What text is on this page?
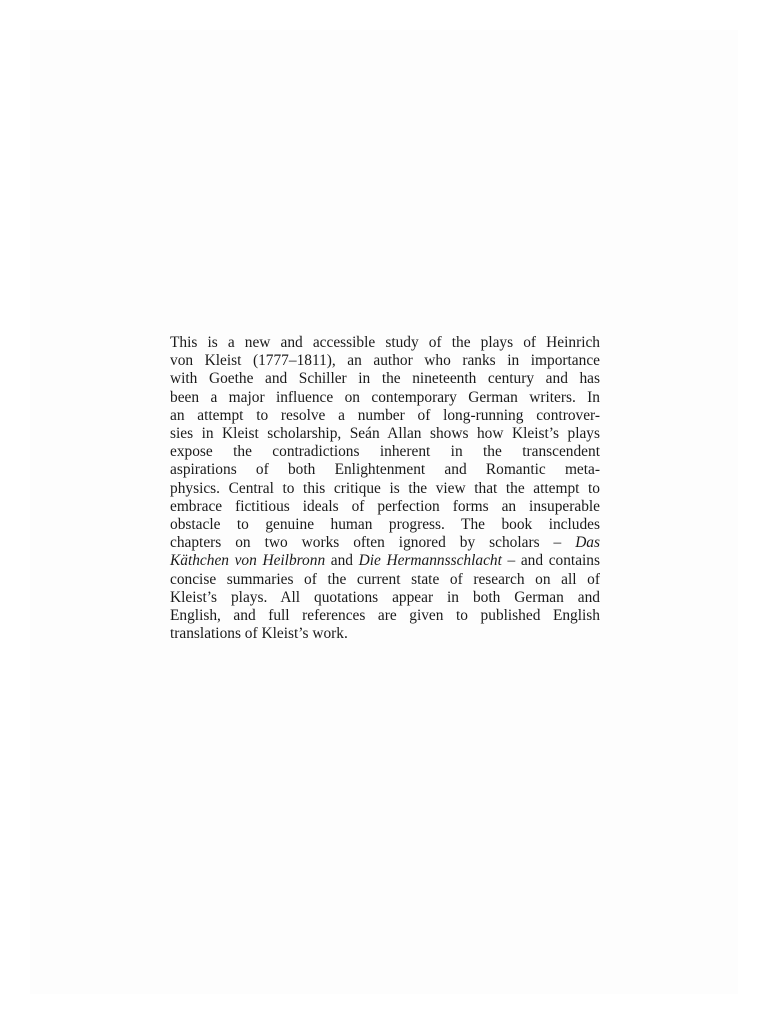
This is a new and accessible study of the plays of Heinrich
von Kleist (1777–1811), an author who ranks in importance
with Goethe and Schiller in the nineteenth century and has
been a major influence on contemporary German writers. In
an attempt to resolve a number of long-running controver-
sies in Kleist scholarship, Seán Allan shows how Kleist’s plays
expose the contradictions inherent in the transcendent
aspirations of both Enlightenment and Romantic meta-
physics. Central to this critique is the view that the attempt to
embrace fictitious ideals of perfection forms an insuperable
obstacle to genuine human progress. The book includes
chapters on two works often ignored by scholars – Das
Käthchen von Heilbronn and Die Hermannsschlacht – and contains
concise summaries of the current state of research on all of
Kleist’s plays. All quotations appear in both German and
English, and full references are given to published English
translations of Kleist’s work.
